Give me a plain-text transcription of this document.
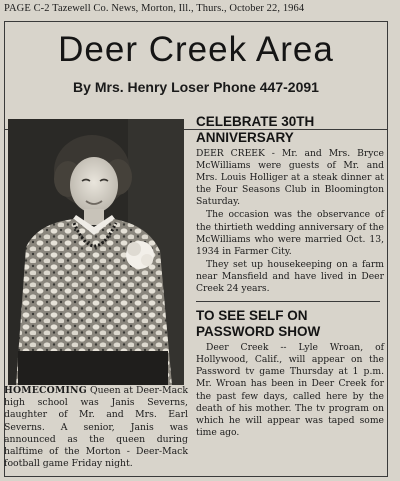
PAGE C-2 Tazewell Co. News, Morton, Ill., Thurs., October 22, 1964
Deer Creek Area
By Mrs. Henry Loser Phone 447-2091
HOMECOMING Queen at Deer-Mack high school was Janis Severns, daughter of Mr. and Mrs. Earl Severns. A senior, Janis was announced as the queen during halftime of the Morton - Deer-Mack football game Friday night.
CELEBRATE 30TH
ANNIVERSARY

DEER CREEK - Mr. and Mrs. Bryce McWilliams were guests of Mr. and Mrs. Louis Holliger at a steak dinner at the Four Seasons Club in Bloomington Saturday.

The occasion was the observance of the thirtieth wedding anniversary of the McWilliams who were married Oct. 13, 1934 in Farmer City.

They set up housekeeping on a farm near Mansfield and have lived in Deer Creek 24 years.

TO SEE SELF ON
PASSWORD SHOW

Deer Creek -- Lyle Wroan, of Hollywood, Calif., will appear on the Password tv game Thursday at 1 p.m. Mr. Wroan has been in Deer Creek for the past few days, called here by the death of his mother. The tv program on which he will appear was taped some time ago.
